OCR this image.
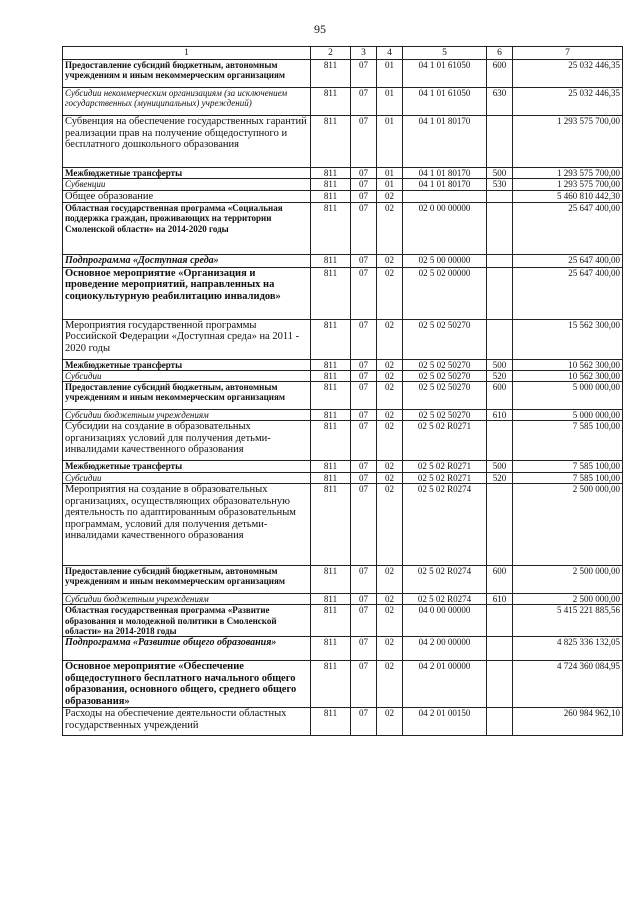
95
1	2	3	4	5	6	7
Предоставление субсидий бюджетным, автономным учреждениям и иным некоммерческим организациям	811	07	01	04 1 01 61050	600	25 032 446,35
Субсидии некоммерческим организациям (за исключением государственных (муниципальных) учреждений)	811	07	01	04 1 01 61050	630	25 032 446,35
Субвенция на обеспечение государственных гарантий реализации прав на получение общедоступного и бесплатного дошкольного образования	811	07	01	04 1 01 80170		1 293 575 700,00
Межбюджетные трансферты	811	07	01	04 1 01 80170	500	1 293 575 700,00
Субвенции	811	07	01	04 1 01 80170	530	1 293 575 700,00
Общее образование	811	07	02			5 460 810 442,30
Областная государственная программа «Социальная поддержка граждан, проживающих на территории Смоленской области» на 2014-2020 годы	811	07	02	02 0 00 00000		25 647 400,00
Подпрограмма «Доступная среда»	811	07	02	02 5 00 00000		25 647 400,00
Основное мероприятие «Организация и проведение мероприятий, направленных на социокультурную реабилитацию инвалидов»	811	07	02	02 5 02 00000		25 647 400,00
Мероприятия государственной программы Российской Федерации «Доступная среда» на 2011 - 2020 годы	811	07	02	02 5 02 50270		15 562 300,00
Межбюджетные трансферты	811	07	02	02 5 02 50270	500	10 562 300,00
Субсидии	811	07	02	02 5 02 50270	520	10 562 300,00
Предоставление субсидий бюджетным, автономным учреждениям и иным некоммерческим организациям	811	07	02	02 5 02 50270	600	5 000 000,00
Субсидии бюджетным учреждениям	811	07	02	02 5 02 50270	610	5 000 000,00
Субсидии на создание в образовательных организациях условий для получения детьми-инвалидами качественного образования	811	07	02	02 5 02 R0271		7 585 100,00
Межбюджетные трансферты	811	07	02	02 5 02 R0271	500	7 585 100,00
Субсидии	811	07	02	02 5 02 R0271	520	7 585 100,00
Мероприятия на создание в образовательных организациях, осуществляющих образовательную деятельность по адаптированным образовательным программам, условий для получения детьми-инвалидами качественного образования	811	07	02	02 5 02 R0274		2 500 000,00
Предоставление субсидий бюджетным, автономным учреждениям и иным некоммерческим организациям	811	07	02	02 5 02 R0274	600	2 500 000,00
Субсидии бюджетным учреждениям	811	07	02	02 5 02 R0274	610	2 500 000,00
Областная государственная программа «Развитие образования и молодежной политики в Смоленской области» на 2014-2018 годы	811	07	02	04 0 00 00000		5 415 221 885,56
Подпрограмма «Развитие общего образования»	811	07	02	04 2 00 00000		4 825 336 132,05
Основное мероприятие «Обеспечение общедоступного бесплатного начального общего образования, основного общего, среднего общего образования»	811	07	02	04 2 01 00000		4 724 360 084,95
Расходы на обеспечение деятельности областных государственных учреждений	811	07	02	04 2 01 00150		260 984 962,10
